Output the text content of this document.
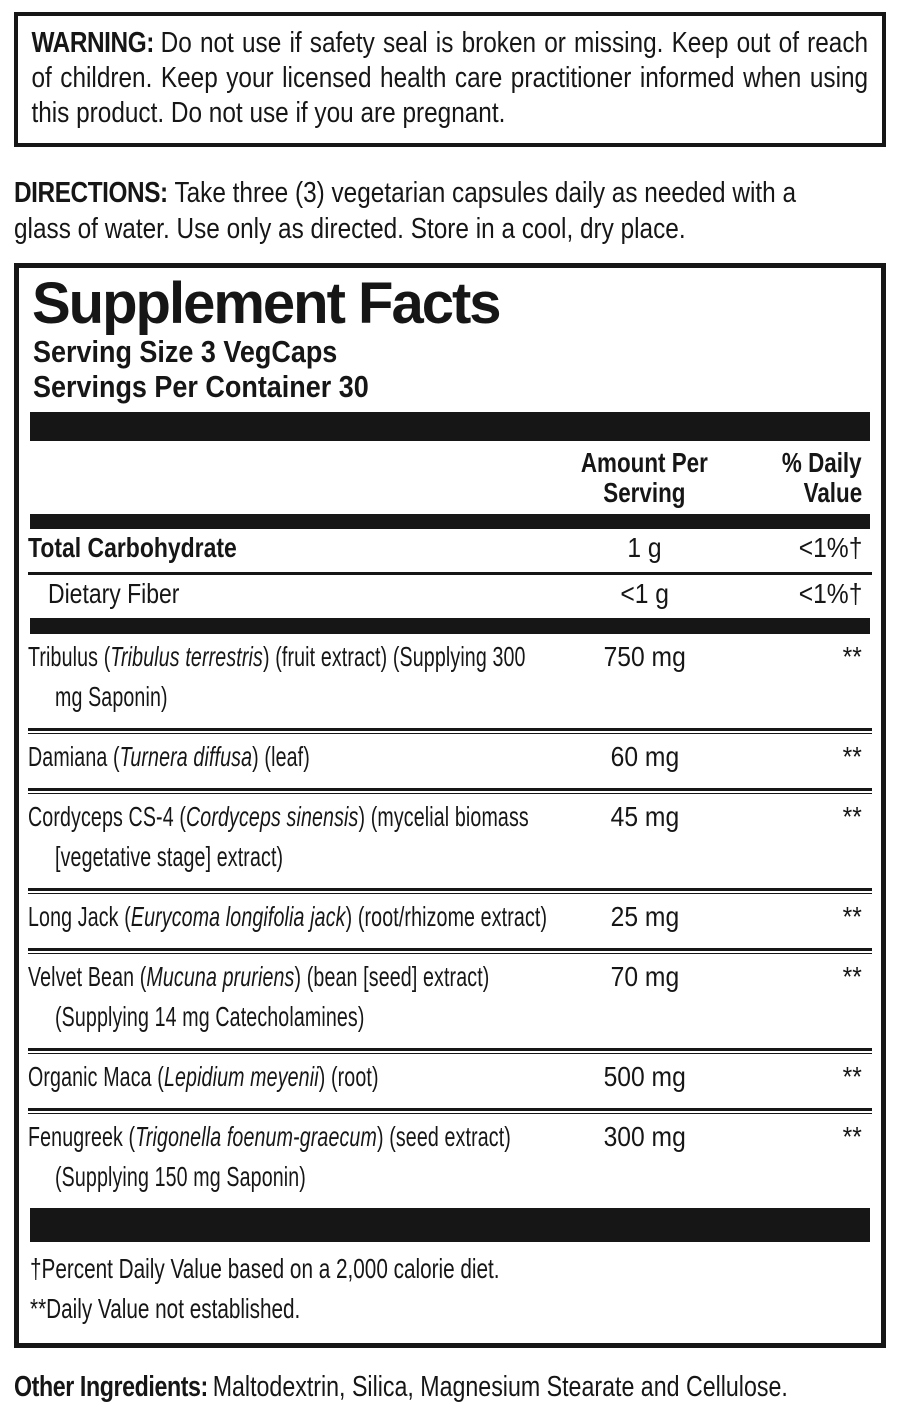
WARNING: Do not use if safety seal is broken or missing. Keep out of reach of children. Keep your licensed health care practitioner informed when using this product. Do not use if you are pregnant.
DIRECTIONS: Take three (3) vegetarian capsules daily as needed with a glass of water. Use only as directed. Store in a cool, dry place.
Supplement Facts
Serving Size 3 VegCaps
Servings Per Container 30
Amount Per
Serving
% Daily
Value
Total Carbohydrate	1 g	<1%†
Dietary Fiber	<1 g	<1%†
Tribulus (Tribulus terrestris) (fruit extract) (Supplying 300
mg Saponin)
750 mg	**
Damiana (Turnera diffusa) (leaf)	60 mg	**
Cordyceps CS-4 (Cordyceps sinensis) (mycelial biomass
[vegetative stage] extract)
45 mg	**
Long Jack (Eurycoma longifolia jack) (root/rhizome extract)	25 mg	**
Velvet Bean (Mucuna pruriens) (bean [seed] extract)
(Supplying 14 mg Catecholamines)
70 mg	**
Organic Maca (Lepidium meyenii) (root)	500 mg	**
Fenugreek (Trigonella foenum-graecum) (seed extract)
(Supplying 150 mg Saponin)
300 mg	**
†Percent Daily Value based on a 2,000 calorie diet.
**Daily Value not established.
Other Ingredients: Maltodextrin, Silica, Magnesium Stearate and Cellulose.
